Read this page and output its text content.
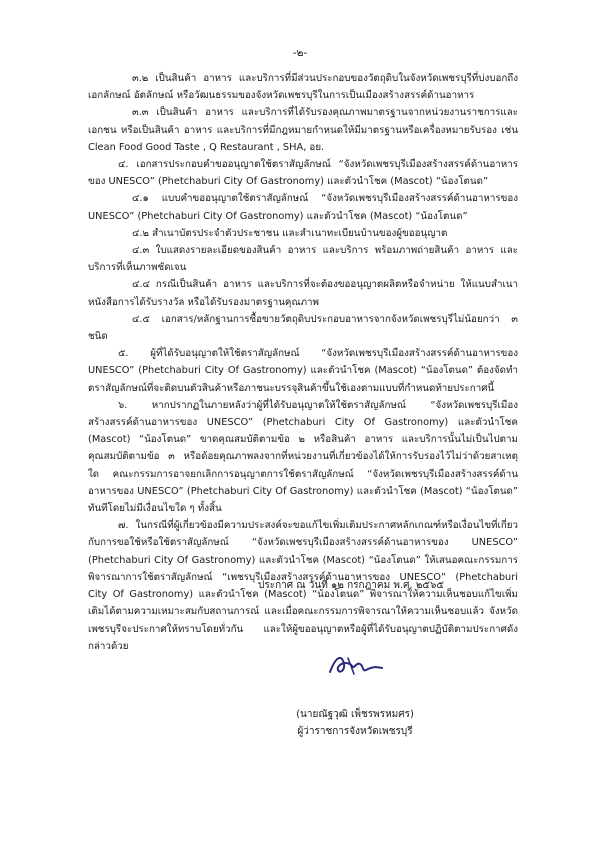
-๒-

๓.๒ เป็นสินค้า อาหาร และบริการที่มีส่วนประกอบของวัตถุดิบในจังหวัดเพชรบุรีที่บ่งบอกถึงเอกลักษณ์ อัตลักษณ์ หรือวัฒนธรรมของจังหวัดเพชรบุรีในการเป็นเมืองสร้างสรรค์ด้านอาหาร

๓.๓ เป็นสินค้า อาหาร และบริการที่ได้รับรองคุณภาพมาตรฐานจากหน่วยงานราชการและเอกชน หรือเป็นสินค้า อาหาร และบริการที่มีกฎหมายกำหนดให้มีมาตรฐานหรือเครื่องหมายรับรอง เช่น Clean Food Good Taste , Q Restaurant , SHA, อย.

๔. เอกสารประกอบคำขออนุญาตใช้ตราสัญลักษณ์ “จังหวัดเพชรบุรีเมืองสร้างสรรค์ด้านอาหารของ UNESCO” (Phetchaburi City Of Gastronomy) และตัวนำโชค (Mascot) “น้องโตนด”

๔.๑ แบบคำขออนุญาตใช้ตราสัญลักษณ์ “จังหวัดเพชรบุรีเมืองสร้างสรรค์ด้านอาหารของ UNESCO” (Phetchaburi City Of Gastronomy) และตัวนำโชค (Mascot) “น้องโตนด”

๔.๒ สำเนาบัตรประจำตัวประชาชน และสำเนาทะเบียนบ้านของผู้ขออนุญาต

๔.๓ ใบแสดงรายละเอียดของสินค้า อาหาร และบริการ พร้อมภาพถ่ายสินค้า อาหาร และบริการที่เห็นภาพชัดเจน

๔.๔ กรณีเป็นสินค้า อาหาร และบริการที่จะต้องขออนุญาตผลิตหรือจำหน่าย ให้แนบสำเนาหนังสือการได้รับรางวัล หรือได้รับรองมาตรฐานคุณภาพ

๔.๕ เอกสาร/หลักฐานการซื้อขายวัตถุดิบประกอบอาหารจากจังหวัดเพชรบุรีไม่น้อยกว่า ๓ ชนิด

๕. ผู้ที่ได้รับอนุญาตให้ใช้ตราสัญลักษณ์ “จังหวัดเพชรบุรีเมืองสร้างสรรค์ด้านอาหารของ UNESCO” (Phetchaburi City Of Gastronomy) และตัวนำโชค (Mascot) “น้องโตนด” ต้องจัดทำตราสัญลักษณ์ที่จะติดบนตัวสินค้าหรือภาชนะบรรจุสินค้าขึ้นใช้เองตามแบบที่กำหนดท้ายประกาศนี้

๖. หากปรากฏในภายหลังว่าผู้ที่ได้รับอนุญาตให้ใช้ตราสัญลักษณ์ “จังหวัดเพชรบุรีเมืองสร้างสรรค์ด้านอาหารของ UNESCO” (Phetchaburi City Of Gastronomy) และตัวนำโชค (Mascot) “น้องโตนด” ขาดคุณสมบัติตามข้อ ๒ หรือสินค้า อาหาร และบริการนั้นไม่เป็นไปตามคุณสมบัติตามข้อ ๓ หรือด้อยคุณภาพลงจากที่หน่วยงานที่เกี่ยวข้องได้ให้การรับรองไว้ไม่ว่าด้วยสาเหตุใด คณะกรรมการอาจยกเลิกการอนุญาตการใช้ตราสัญลักษณ์ “จังหวัดเพชรบุรีเมืองสร้างสรรค์ด้านอาหารของ UNESCO” (Phetchaburi City Of Gastronomy) และตัวนำโชค (Mascot) “น้องโตนด” ทันทีโดยไม่มีเงื่อนไขใด ๆ ทั้งสิ้น

๗. ในกรณีที่ผู้เกี่ยวข้องมีความประสงค์จะขอแก้ไขเพิ่มเติมประกาศหลักเกณฑ์หรือเงื่อนไขที่เกี่ยวกับการขอใช้หรือใช้ตราสัญลักษณ์ “จังหวัดเพชรบุรีเมืองสร้างสรรค์ด้านอาหารของ UNESCO” (Phetchaburi City Of Gastronomy) และตัวนำโชค (Mascot) “น้องโตนด” ให้เสนอคณะกรรมการพิจารณาการใช้ตราสัญลักษณ์ “เพชรบุรีเมืองสร้างสรรค์ด้านอาหารของ UNESCO” (Phetchaburi City Of Gastronomy) และตัวนำโชค (Mascot) “น้องโตนด” พิจารณาให้ความเห็นชอบแก้ไขเพิ่มเติมได้ตามความเหมาะสมกับสถานการณ์ และเมื่อคณะกรรมการพิจารณาให้ความเห็นชอบแล้ว จังหวัดเพชรบุรีจะประกาศให้ทราบโดยทั่วกัน และให้ผู้ขออนุญาตหรือผู้ที่ได้รับอนุญาตปฏิบัติตามประกาศดังกล่าวด้วย

ประกาศ ณ วันที่ ๑๒ กรกฎาคม พ.ศ. ๒๕๖๕
(นายณัฐวุฒิ เพ็ชรพรหมศร)
ผู้ว่าราชการจังหวัดเพชรบุรี
